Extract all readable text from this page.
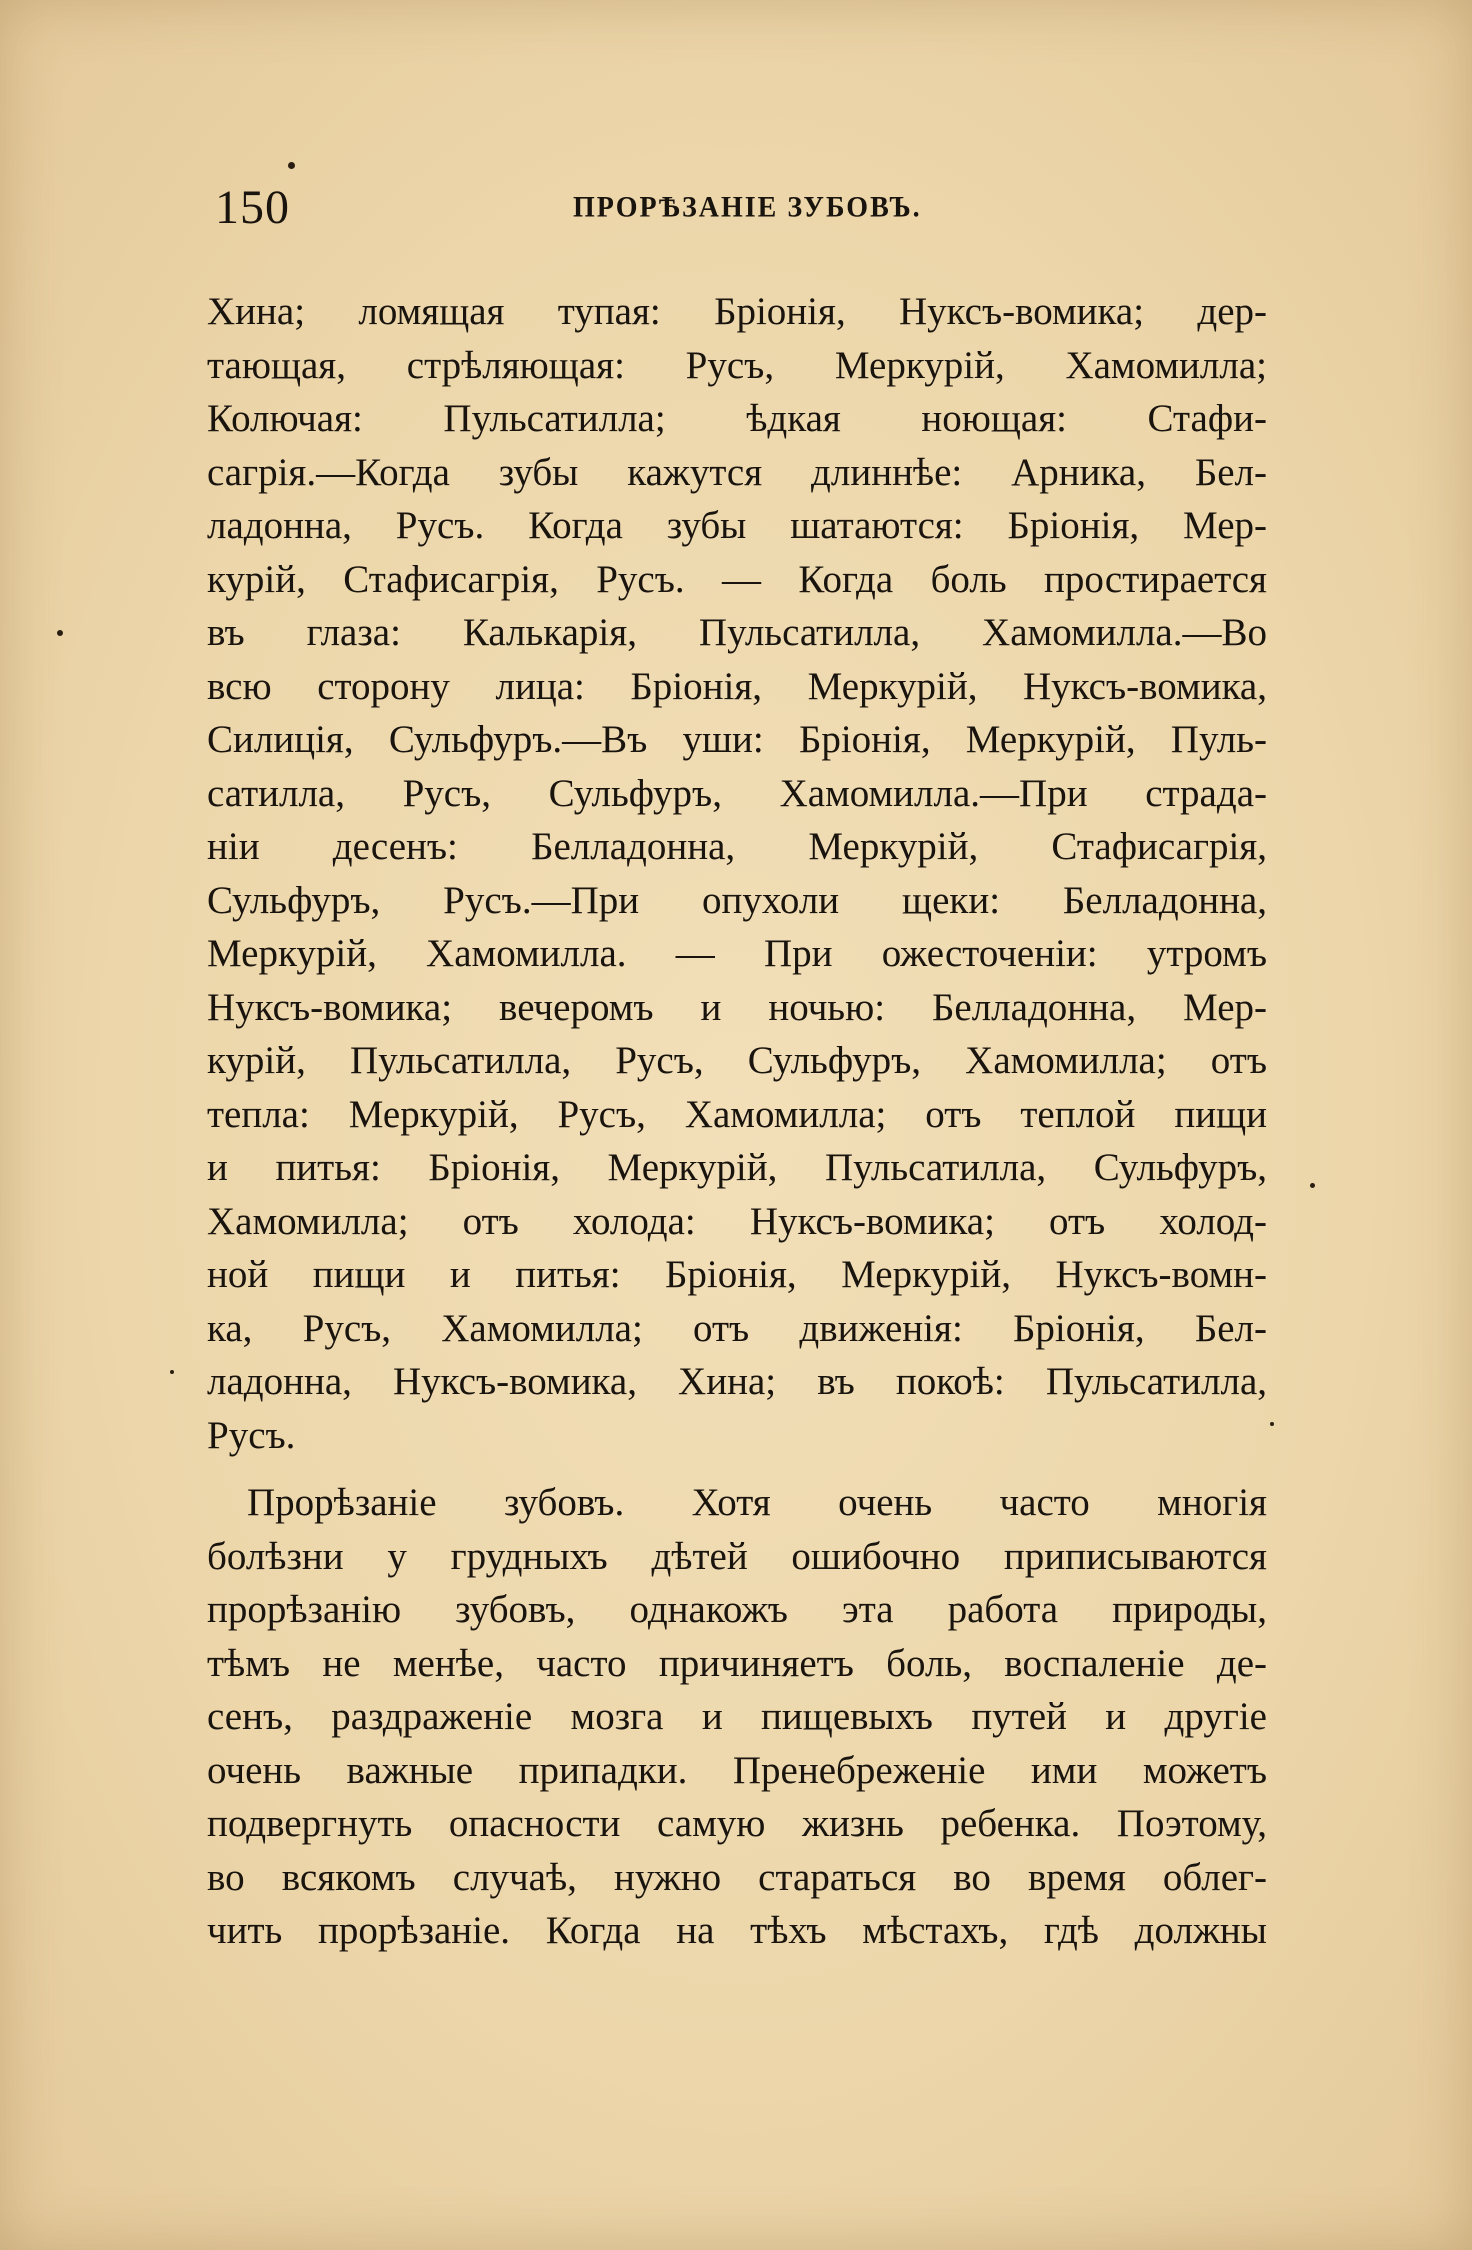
150	ПРОРѢЗАНІЕ ЗУБОВЪ.
Хина; ломящая тупая: Бріонія, Нуксъ-вомика; дер-
тающая, стрѣляющая: Русъ, Меркурій, Хамомилла;
Колючая: Пульсатилла; ѣдкая ноющая: Стафи-
сагрія.—Когда зубы кажутся длиннѣе: Арника, Бел-
ладонна, Русъ. Когда зубы шатаются: Бріонія, Мер-
курій, Стафисагрія, Русъ. — Когда боль простирается
въ глаза: Калькарія, Пульсатилла, Хамомилла.—Во
всю сторону лица: Бріонія, Меркурій, Нуксъ-вомика,
Силиція, Сульфуръ.—Въ уши: Бріонія, Меркурій, Пуль-
сатилла, Русъ, Сульфуръ, Хамомилла.—При страда-
ніи десенъ: Белладонна, Меркурій, Стафисагрія,
Сульфуръ, Русъ.—При опухоли щеки: Белладонна,
Меркурій, Хамомилла. — При ожесточеніи: утромъ
Нуксъ-вомика; вечеромъ и ночью: Белладонна, Мер-
курій, Пульсатилла, Русъ, Сульфуръ, Хамомилла; отъ
тепла: Меркурій, Русъ, Хамомилла; отъ теплой пищи
и питья: Бріонія, Меркурій, Пульсатилла, Сульфуръ,
Хамомилла; отъ холода: Нуксъ-вомика; отъ холод-
ной пищи и питья: Бріонія, Меркурій, Нуксъ-вомн-
ка, Русъ, Хамомилла; отъ движенія: Бріонія, Бел-
ладонна, Нуксъ-вомика, Хина; въ покоѣ: Пульсатилла,
Русъ.
Прорѣзаніе зубовъ. Хотя очень часто многія
болѣзни у грудныхъ дѣтей ошибочно приписываются
прорѣзанію зубовъ, однакожъ эта работа природы,
тѣмъ не менѣе, часто причиняетъ боль, воспаленіе де-
сенъ, раздраженіе мозга и пищевыхъ путей и другіе
очень важные припадки. Пренебреженіе ими можетъ
подвергнуть опасности самую жизнь ребенка. Поэтому,
во всякомъ случаѣ, нужно стараться во время облег-
чить прорѣзаніе. Когда на тѣхъ мѣстахъ, гдѣ должны
